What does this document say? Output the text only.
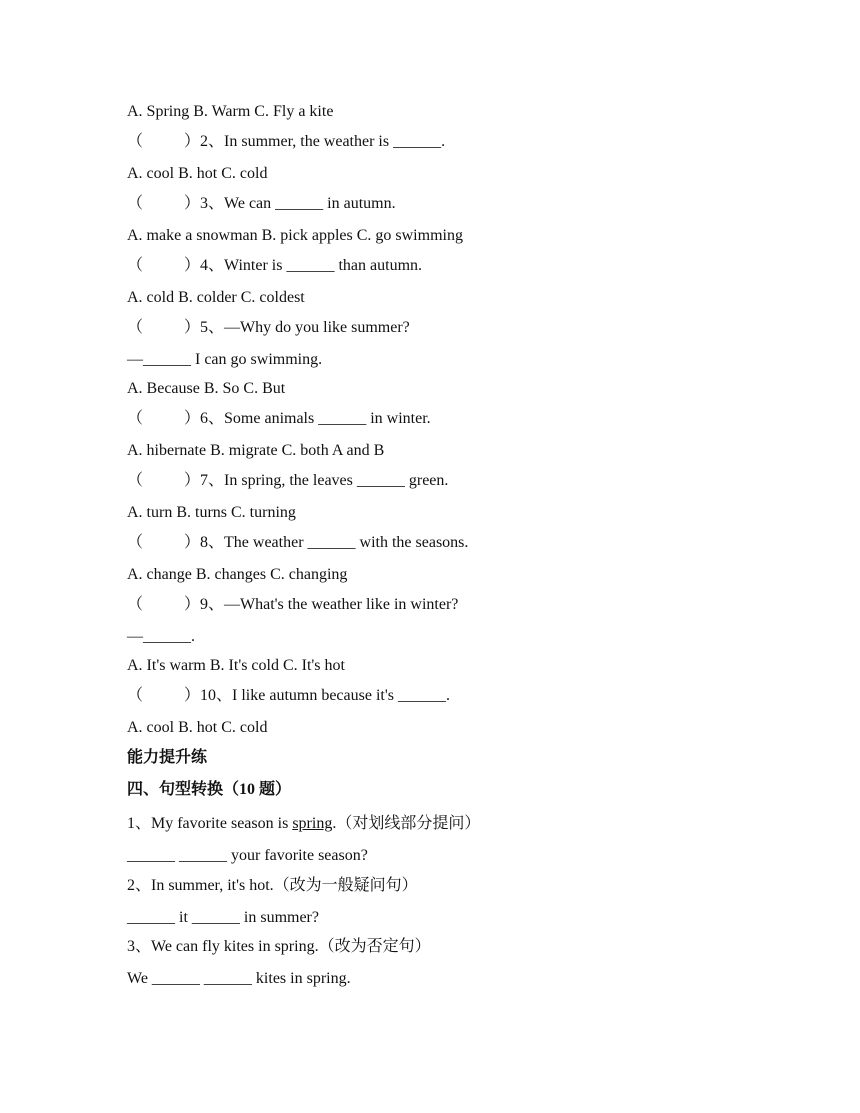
A. Spring B. Warm C. Fly a kite
（	）2、In summer, the weather is ______.
A. cool B. hot C. cold
（	）3、We can ______ in autumn.
A. make a snowman B. pick apples C. go swimming
（	）4、Winter is ______ than autumn.
A. cold B. colder C. coldest
（	）5、—Why do you like summer?
—______ I can go swimming.
A. Because B. So C. But
（	）6、Some animals ______ in winter.
A. hibernate B. migrate C. both A and B
（	）7、In spring, the leaves ______ green.
A. turn B. turns C. turning
（	）8、The weather ______ with the seasons.
A. change B. changes C. changing
（	）9、—What's the weather like in winter?
—______.
A. It's warm B. It's cold C. It's hot
（	）10、I like autumn because it's ______.
A. cool B. hot C. cold
能力提升练
四、句型转换（10 题）
1、My favorite season is spring.（对划线部分提问）
______ ______ your favorite season?
2、In summer, it's hot.（改为一般疑问句）
______ it ______ in summer?
3、We can fly kites in spring.（改为否定句）
We ______ ______ kites in spring.
